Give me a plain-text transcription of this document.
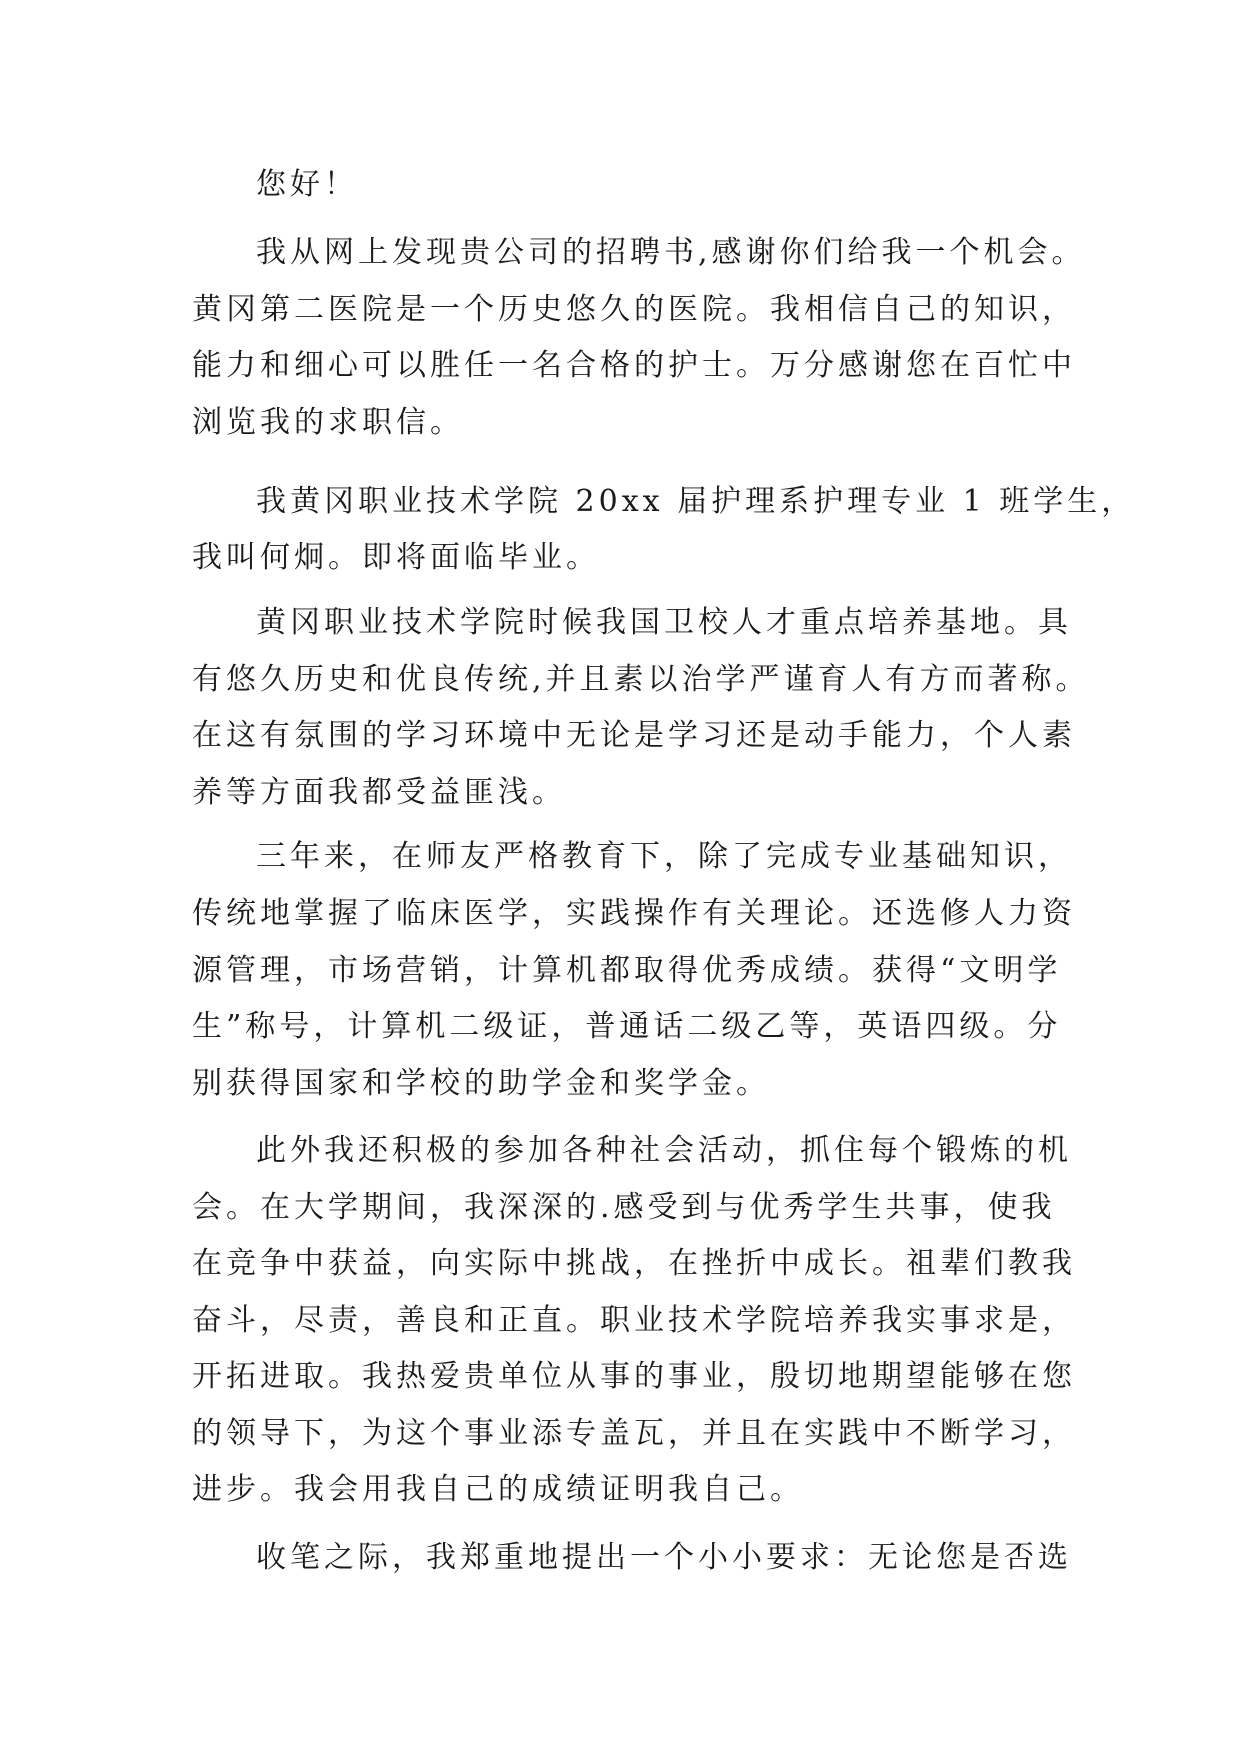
您好！
我从网上发现贵公司的招聘书,感谢你们给我一个机会。
黄冈第二医院是一个历史悠久的医院。我相信自己的知识，
能力和细心可以胜任一名合格的护士。万分感谢您在百忙中
浏览我的求职信。
我黄冈职业技术学院 20xx 届护理系护理专业 1 班学生，
我叫何炯。即将面临毕业。
黄冈职业技术学院时候我国卫校人才重点培养基地。具
有悠久历史和优良传统,并且素以治学严谨育人有方而著称。
在这有氛围的学习环境中无论是学习还是动手能力，个人素
养等方面我都受益匪浅。
三年来，在师友严格教育下，除了完成专业基础知识，
传统地掌握了临床医学，实践操作有关理论。还选修人力资
源管理，市场营销，计算机都取得优秀成绩。获得“文明学
生”称号，计算机二级证，普通话二级乙等，英语四级。分
别获得国家和学校的助学金和奖学金。
此外我还积极的参加各种社会活动，抓住每个锻炼的机
会。在大学期间，我深深的.感受到与优秀学生共事，使我
在竞争中获益，向实际中挑战，在挫折中成长。祖辈们教我
奋斗，尽责，善良和正直。职业技术学院培养我实事求是，
开拓进取。我热爱贵单位从事的事业，殷切地期望能够在您
的领导下，为这个事业添专盖瓦，并且在实践中不断学习，
进步。我会用我自己的成绩证明我自己。
收笔之际，我郑重地提出一个小小要求：无论您是否选
